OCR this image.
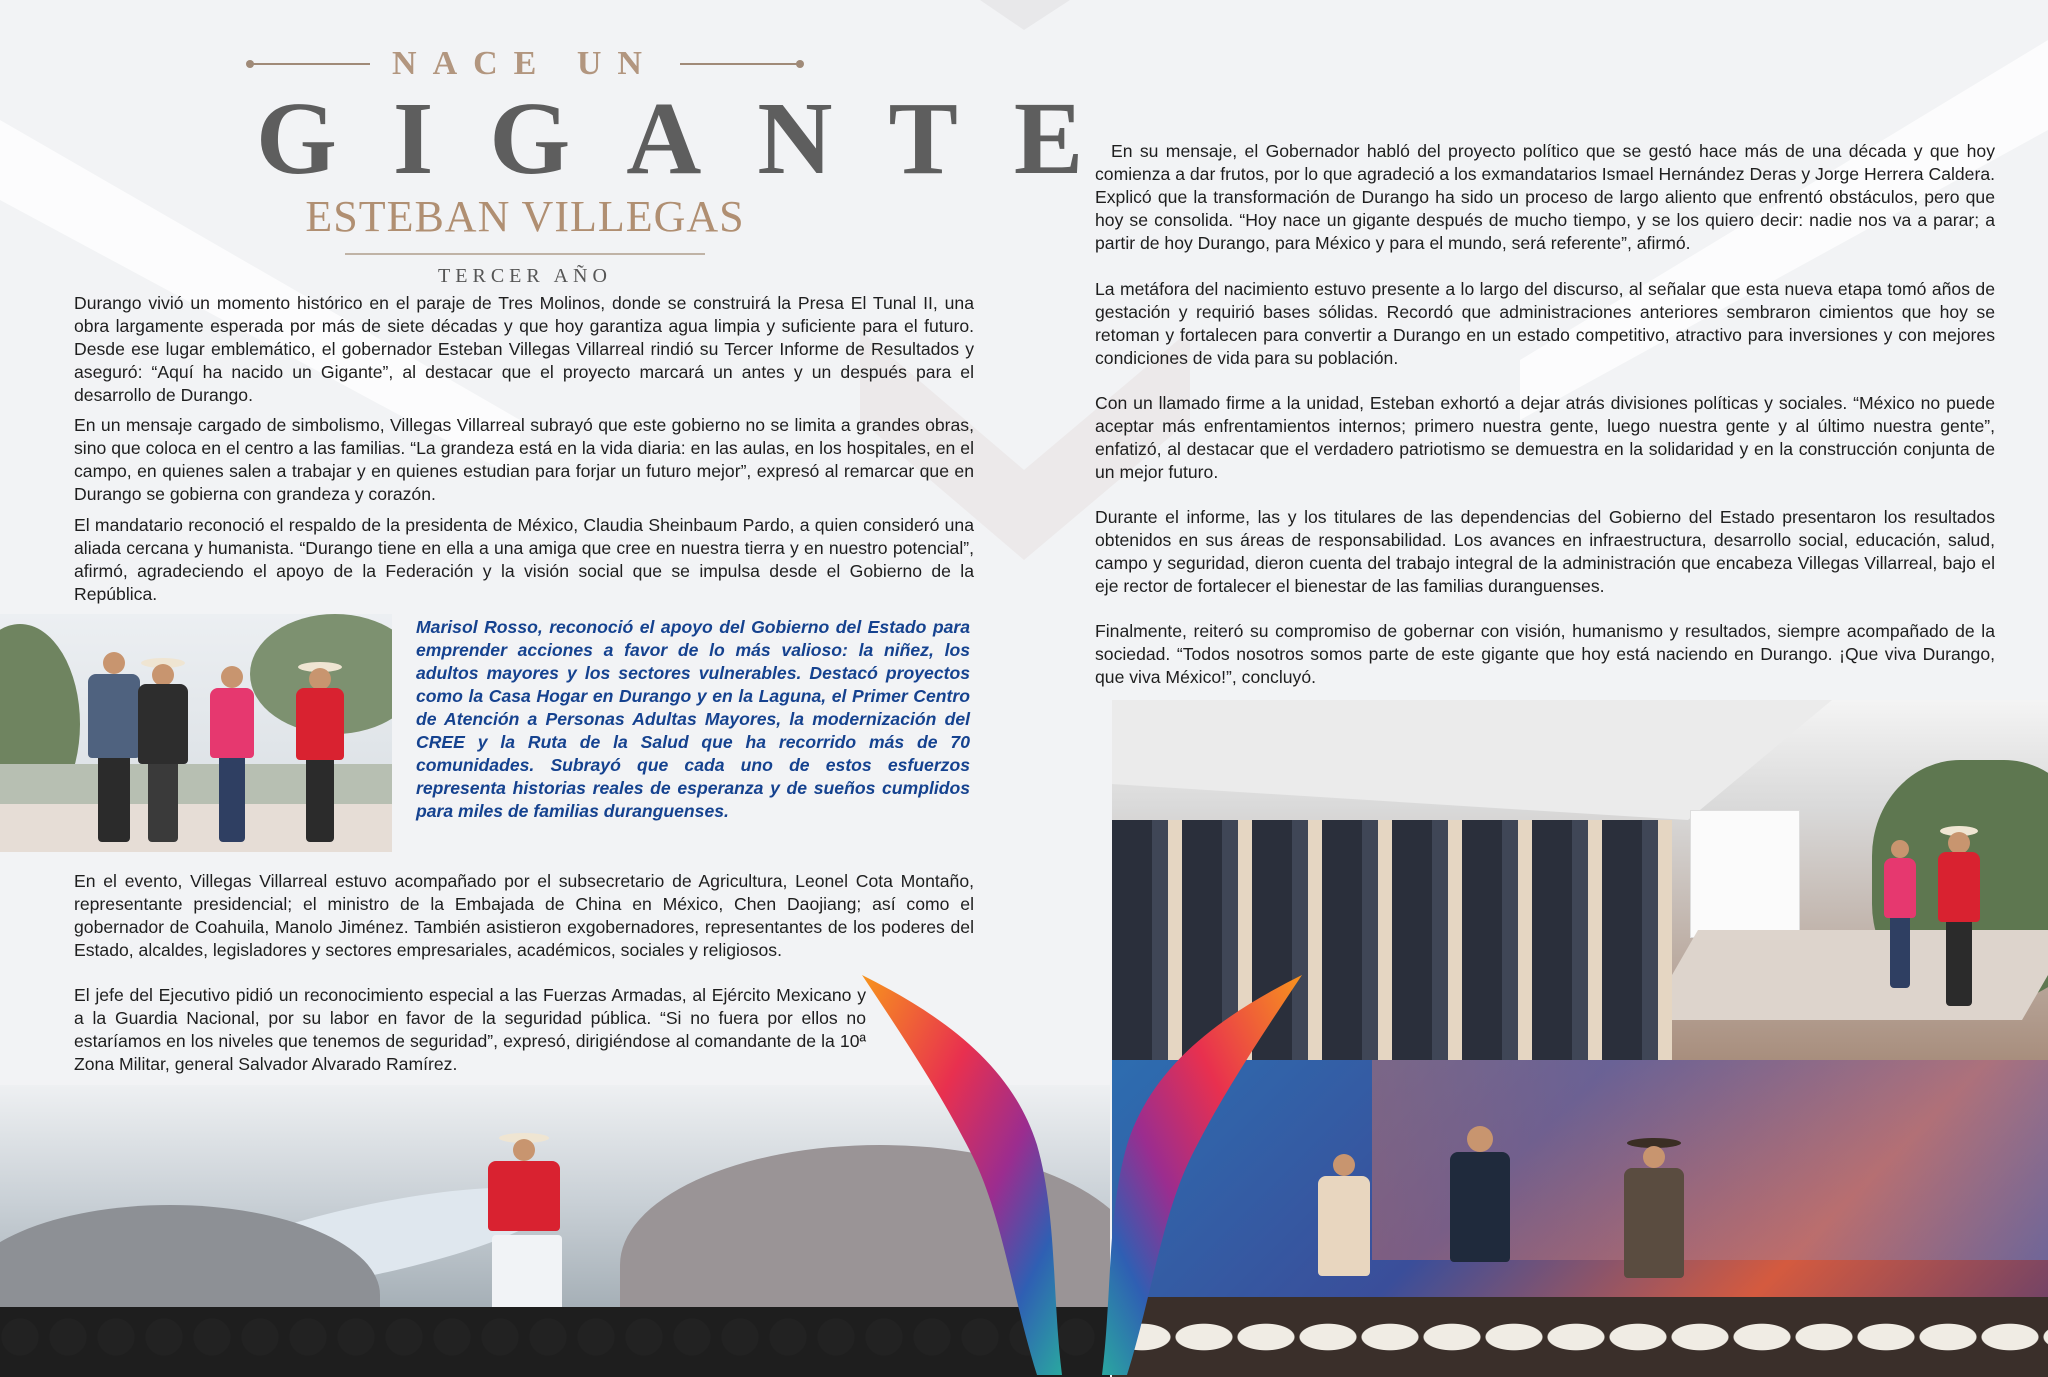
NACE UN
GIGANTE
ESTEBAN VILLEGAS
TERCER AÑO

Durango vivió un momento histórico en el paraje de Tres Molinos, donde se construirá la Presa El Tunal II, una obra largamente esperada por más de siete décadas y que hoy garantiza agua limpia y suficiente para el futuro. Desde ese lugar emblemático, el gobernador Esteban Villegas Villarreal rindió su Tercer Informe de Resultados y aseguró: “Aquí ha nacido un Gigante”, al destacar que el proyecto marcará un antes y un después para el desarrollo de Durango.

En un mensaje cargado de simbolismo, Villegas Villarreal subrayó que este gobierno no se limita a grandes obras, sino que coloca en el centro a las familias. “La grandeza está en la vida diaria: en las aulas, en los hospitales, en el campo, en quienes salen a trabajar y en quienes estudian para forjar un futuro mejor”, expresó al remarcar que en Durango se gobierna con grandeza y corazón.

El mandatario reconoció el respaldo de la presidenta de México, Claudia Sheinbaum Pardo, a quien consideró una aliada cercana y humanista. “Durango tiene en ella a una amiga que cree en nuestra tierra y en nuestro potencial”, afirmó, agradeciendo el apoyo de la Federación y la visión social que se impulsa desde el Gobierno de la República.

Marisol Rosso, reconoció el apoyo del Gobierno del Estado para emprender acciones a favor de lo más valioso: la niñez, los adultos mayores y los sectores vulnerables. Destacó proyectos como la Casa Hogar en Durango y en la Laguna, el Primer Centro de Atención a Personas Adultas Mayores, la modernización del CREE y la Ruta de la Salud que ha recorrido más de 70 comunidades. Subrayó que cada uno de estos esfuerzos representa historias reales de esperanza y de sueños cumplidos para miles de familias duranguenses.

En el evento, Villegas Villarreal estuvo acompañado por el subsecretario de Agricultura, Leonel Cota Montaño, representante presidencial; el ministro de la Embajada de China en México, Chen Daojiang; así como el gobernador de Coahuila, Manolo Jiménez. También asistieron exgobernadores, representantes de los poderes del Estado, alcaldes, legisladores y sectores empresariales, académicos, sociales y religiosos.

El jefe del Ejecutivo pidió un reconocimiento especial a las Fuerzas Armadas, al Ejército Mexicano y a la Guardia Nacional, por su labor en favor de la seguridad pública. “Si no fuera por ellos no estaríamos en los niveles que tenemos de seguridad”, expresó, dirigiéndose al comandante de la 10ª Zona Militar, general Salvador Alvarado Ramírez.

En su mensaje, el Gobernador habló del proyecto político que se gestó hace más de una década y que hoy comienza a dar frutos, por lo que agradeció a los exmandatarios Ismael Hernández Deras y Jorge Herrera Caldera. Explicó que la transformación de Durango ha sido un proceso de largo aliento que enfrentó obstáculos, pero que hoy se consolida. “Hoy nace un gigante después de mucho tiempo, y se los quiero decir: nadie nos va a parar; a partir de hoy Durango, para México y para el mundo, será referente”, afirmó.

La metáfora del nacimiento estuvo presente a lo largo del discurso, al señalar que esta nueva etapa tomó años de gestación y requirió bases sólidas. Recordó que administraciones anteriores sembraron cimientos que hoy se retoman y fortalecen para convertir a Durango en un estado competitivo, atractivo para inversiones y con mejores condiciones de vida para su población.

Con un llamado firme a la unidad, Esteban exhortó a dejar atrás divisiones políticas y sociales. “México no puede aceptar más enfrentamientos internos; primero nuestra gente, luego nuestra gente y al último nuestra gente”, enfatizó, al destacar que el verdadero patriotismo se demuestra en la solidaridad y en la construcción conjunta de un mejor futuro.

Durante el informe, las y los titulares de las dependencias del Gobierno del Estado presentaron los resultados obtenidos en sus áreas de responsabilidad. Los avances en infraestructura, desarrollo social, educación, salud, campo y seguridad, dieron cuenta del trabajo integral de la administración que encabeza Villegas Villarreal, bajo el eje rector de fortalecer el bienestar de las familias duranguenses.

Finalmente, reiteró su compromiso de gobernar con visión, humanismo y resultados, siempre acompañado de la sociedad. “Todos nosotros somos parte de este gigante que hoy está naciendo en Durango. ¡Que viva Durango, que viva México!”, concluyó.
